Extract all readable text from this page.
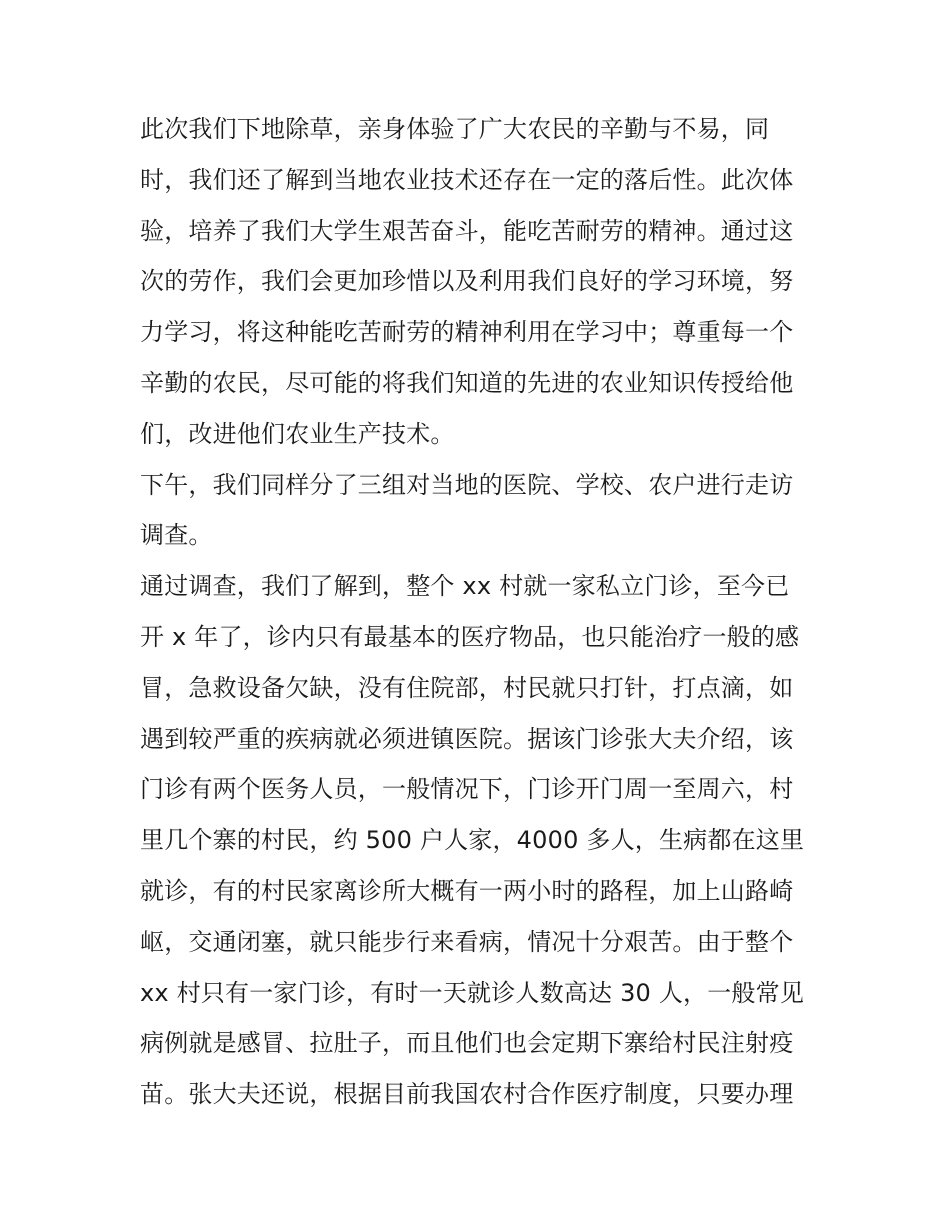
此次我们下地除草，亲身体验了广大农民的辛勤与不易，同
时，我们还了解到当地农业技术还存在一定的落后性。此次体
验，培养了我们大学生艰苦奋斗，能吃苦耐劳的精神。通过这
次的劳作，我们会更加珍惜以及利用我们良好的学习环境，努
力学习，将这种能吃苦耐劳的精神利用在学习中；尊重每一个
辛勤的农民，尽可能的将我们知道的先进的农业知识传授给他
们，改进他们农业生产技术。
下午，我们同样分了三组对当地的医院、学校、农户进行走访
调查。
通过调查，我们了解到，整个 xx 村就一家私立门诊，至今已
开 x 年了，诊内只有最基本的医疗物品，也只能治疗一般的感
冒，急救设备欠缺，没有住院部，村民就只打针，打点滴，如
遇到较严重的疾病就必须进镇医院。据该门诊张大夫介绍，该
门诊有两个医务人员，一般情况下，门诊开门周一至周六，村
里几个寨的村民，约 500 户人家，4000 多人，生病都在这里
就诊，有的村民家离诊所大概有一两小时的路程，加上山路崎
岖，交通闭塞，就只能步行来看病，情况十分艰苦。由于整个
xx 村只有一家门诊，有时一天就诊人数高达 30 人，一般常见
病例就是感冒、拉肚子，而且他们也会定期下寨给村民注射疫
苗。张大夫还说，根据目前我国农村合作医疗制度，只要办理
